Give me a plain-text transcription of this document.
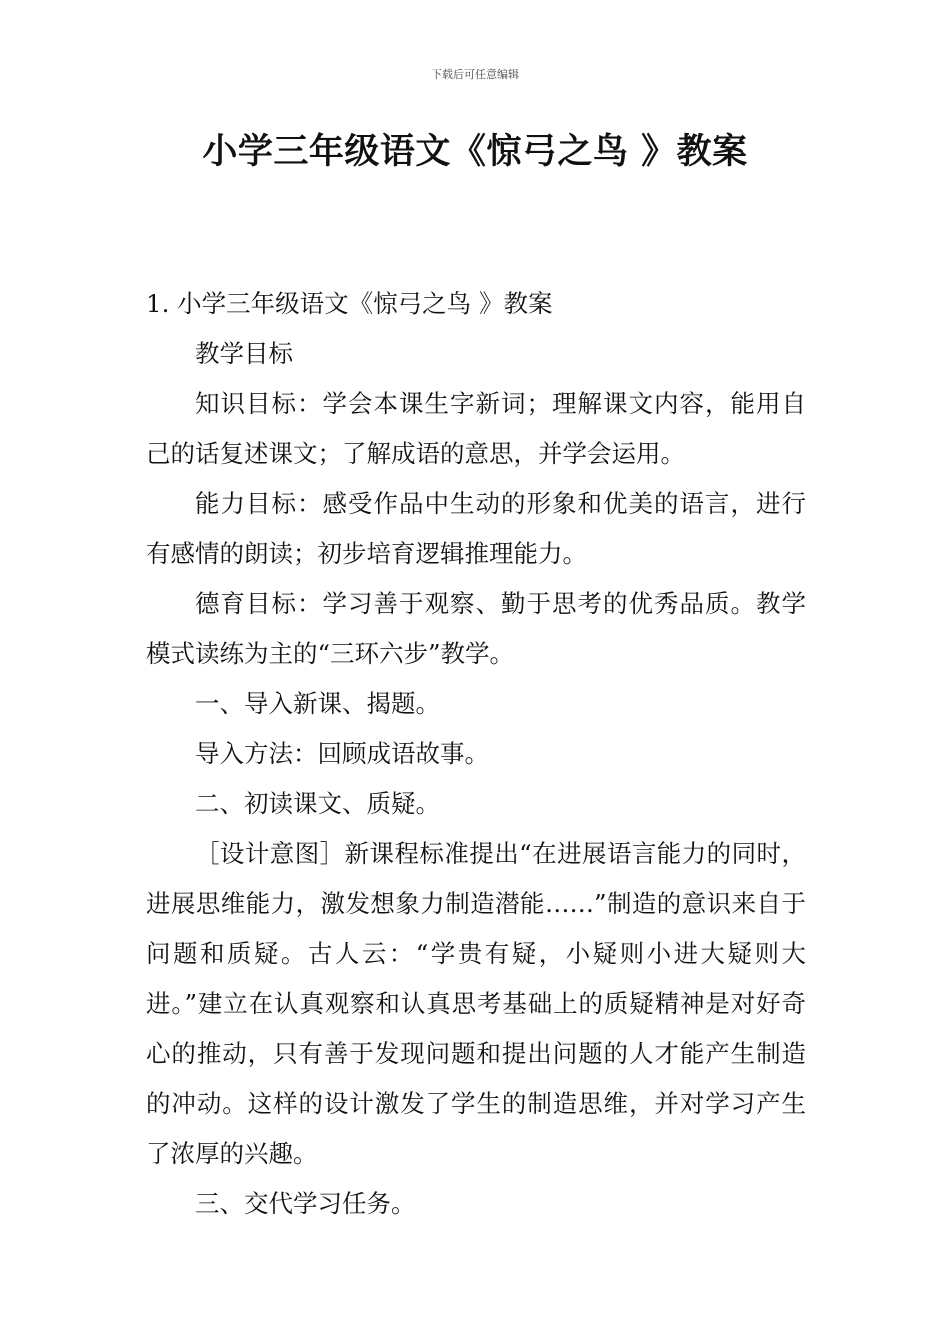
下载后可任意编辑
小学三年级语文《惊弓之鸟 》教案

1. 小学三年级语文《惊弓之鸟 》教案

教学目标

知识目标：学会本课生字新词；理解课文内容，能用自己的话复述课文；了解成语的意思，并学会运用。

能力目标：感受作品中生动的形象和优美的语言，进行有感情的朗读；初步培育逻辑推理能力。

德育目标：学习善于观察、勤于思考的优秀品质。教学模式读练为主的“三环六步”教学。

一、导入新课、揭题。

导入方法：回顾成语故事。

二、初读课文、质疑。

［设计意图］新课程标准提出“在进展语言能力的同时，进展思维能力，激发想象力制造潜能……”制造的意识来自于问题和质疑。古人云：“学贵有疑，小疑则小进大疑则大进。”建立在认真观察和认真思考基础上的质疑精神是对好奇心的推动，只有善于发现问题和提出问题的人才能产生制造的冲动。这样的设计激发了学生的制造思维，并对学习产生了浓厚的兴趣。

三、交代学习任务。
